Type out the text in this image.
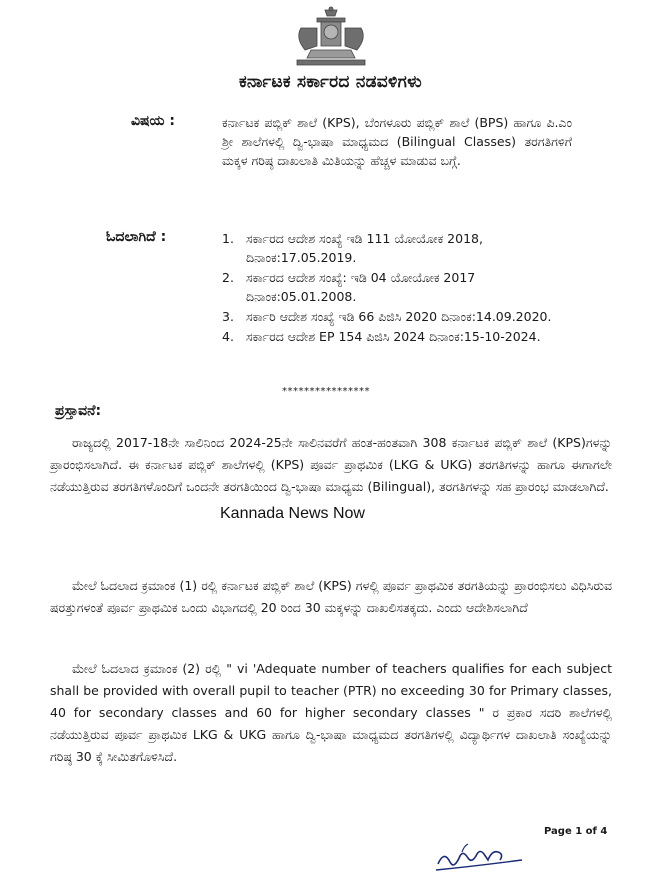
ಕರ್ನಾಟಕ ಸರ್ಕಾರದ ನಡವಳಿಗಳು
ವಿಷಯ :	ಕರ್ನಾಟಕ ಪಬ್ಲಿಕ್ ಶಾಲೆ (KPS), ಬೆಂಗಳೂರು ಪಬ್ಲಿಕ್ ಶಾಲೆ (BPS) ಹಾಗೂ ಪಿ.ಎಂ ಶ್ರೀ ಶಾಲೆಗಳಲ್ಲಿ ದ್ವಿ-ಭಾಷಾ ಮಾಧ್ಯಮದ (Bilingual Classes) ತರಗತಿಗಳಿಗೆ ಮಕ್ಕಳ ಗರಿಷ್ಠ ದಾಖಲಾತಿ ಮಿತಿಯನ್ನು ಹೆಚ್ಚಳ ಮಾಡುವ ಬಗ್ಗೆ.
ಓದಲಾಗಿದೆ :	1. ಸರ್ಕಾರದ ಆದೇಶ ಸಂಖ್ಯೆ ಇಡಿ 111 ಯೋಯೋಕ 2018, ದಿನಾಂಕ:17.05.2019.
2. ಸರ್ಕಾರದ ಆದೇಶ ಸಂಖ್ಯೆ: ಇಡಿ 04 ಯೋಯೋಕ 2017 ದಿನಾಂಕ:05.01.2008.
3. ಸರ್ಕಾರಿ ಆದೇಶ ಸಂಖ್ಯೆ ಇಡಿ 66 ಪಿಜಿಸಿ 2020 ದಿನಾಂಕ:14.09.2020.
4. ಸರ್ಕಾರದ ಆದೇಶ EP 154 ಪಿಜಿಸಿ 2024 ದಿನಾಂಕ:15-10-2024.
****************
ಪ್ರಸ್ತಾವನೆ:

ರಾಜ್ಯದಲ್ಲಿ 2017-18ನೇ ಸಾಲಿನಿಂದ 2024-25ನೇ ಸಾಲಿನವರೆಗೆ ಹಂತ-ಹಂತವಾಗಿ 308 ಕರ್ನಾಟಕ ಪಬ್ಲಿಕ್ ಶಾಲೆ (KPS)ಗಳನ್ನು ಪ್ರಾರಂಭಿಸಲಾಗಿದೆ. ಈ ಕರ್ನಾಟಕ ಪಬ್ಲಿಕ್ ಶಾಲೆಗಳಲ್ಲಿ (KPS) ಪೂರ್ವ ಪ್ರಾಥಮಿಕ (LKG & UKG) ತರಗತಿಗಳನ್ನು ಹಾಗೂ ಈಗಾಗಲೇ ನಡೆಯುತ್ತಿರುವ ತರಗತಿಗಳೊಂದಿಗೆ ಒಂದನೇ ತರಗತಿಯಿಂದ ದ್ವಿ-ಭಾಷಾ ಮಾಧ್ಯಮ (Bilingual), ತರಗತಿಗಳನ್ನು ಸಹ ಪ್ರಾರಂಭ ಮಾಡಲಾಗಿದೆ.

ಮೇಲೆ ಓದಲಾದ ಕ್ರಮಾಂಕ (1) ರಲ್ಲಿ ಕರ್ನಾಟಕ ಪಬ್ಲಿಕ್ ಶಾಲೆ (KPS) ಗಳಲ್ಲಿ ಪೂರ್ವ ಪ್ರಾಥಮಿಕ ತರಗತಿಯನ್ನು ಪ್ರಾರಂಭಿಸಲು ವಿಧಿಸಿರುವ ಷರತ್ತುಗಳಂತೆ ಪೂರ್ವ ಪ್ರಾಥಮಿಕ ಒಂದು ವಿಭಾಗದಲ್ಲಿ 20 ರಿಂದ 30 ಮಕ್ಕಳನ್ನು ದಾಖಲಿಸತಕ್ಕದು. ಎಂದು ಆದೇಶಿಸಲಾಗಿದೆ

ಮೇಲೆ ಓದಲಾದ ಕ್ರಮಾಂಕ (2) ರಲ್ಲಿ " vi 'Adequate number of teachers qualifies for each subject shall be provided with overall pupil to teacher (PTR) no exceeding 30 for Primary classes, 40 for secondary classes and 60 for higher secondary classes " ರ ಪ್ರಕಾರ ಸದರಿ ಶಾಲೆಗಳಲ್ಲಿ ನಡೆಯುತ್ತಿರುವ ಪೂರ್ವ ಪ್ರಾಥಮಿಕ LKG & UKG ಹಾಗೂ ದ್ವಿ-ಭಾಷಾ ಮಾಧ್ಯಮದ ತರಗತಿಗಳಲ್ಲಿ ವಿದ್ಯಾರ್ಥಿಗಳ ದಾಖಲಾತಿ ಸಂಖ್ಯೆಯನ್ನು ಗರಿಷ್ಠ 30 ಕ್ಕೆ ಸೀಮಿತಗೊಳಿಸಿದೆ.

Kannada News Now
Page 1 of 4
